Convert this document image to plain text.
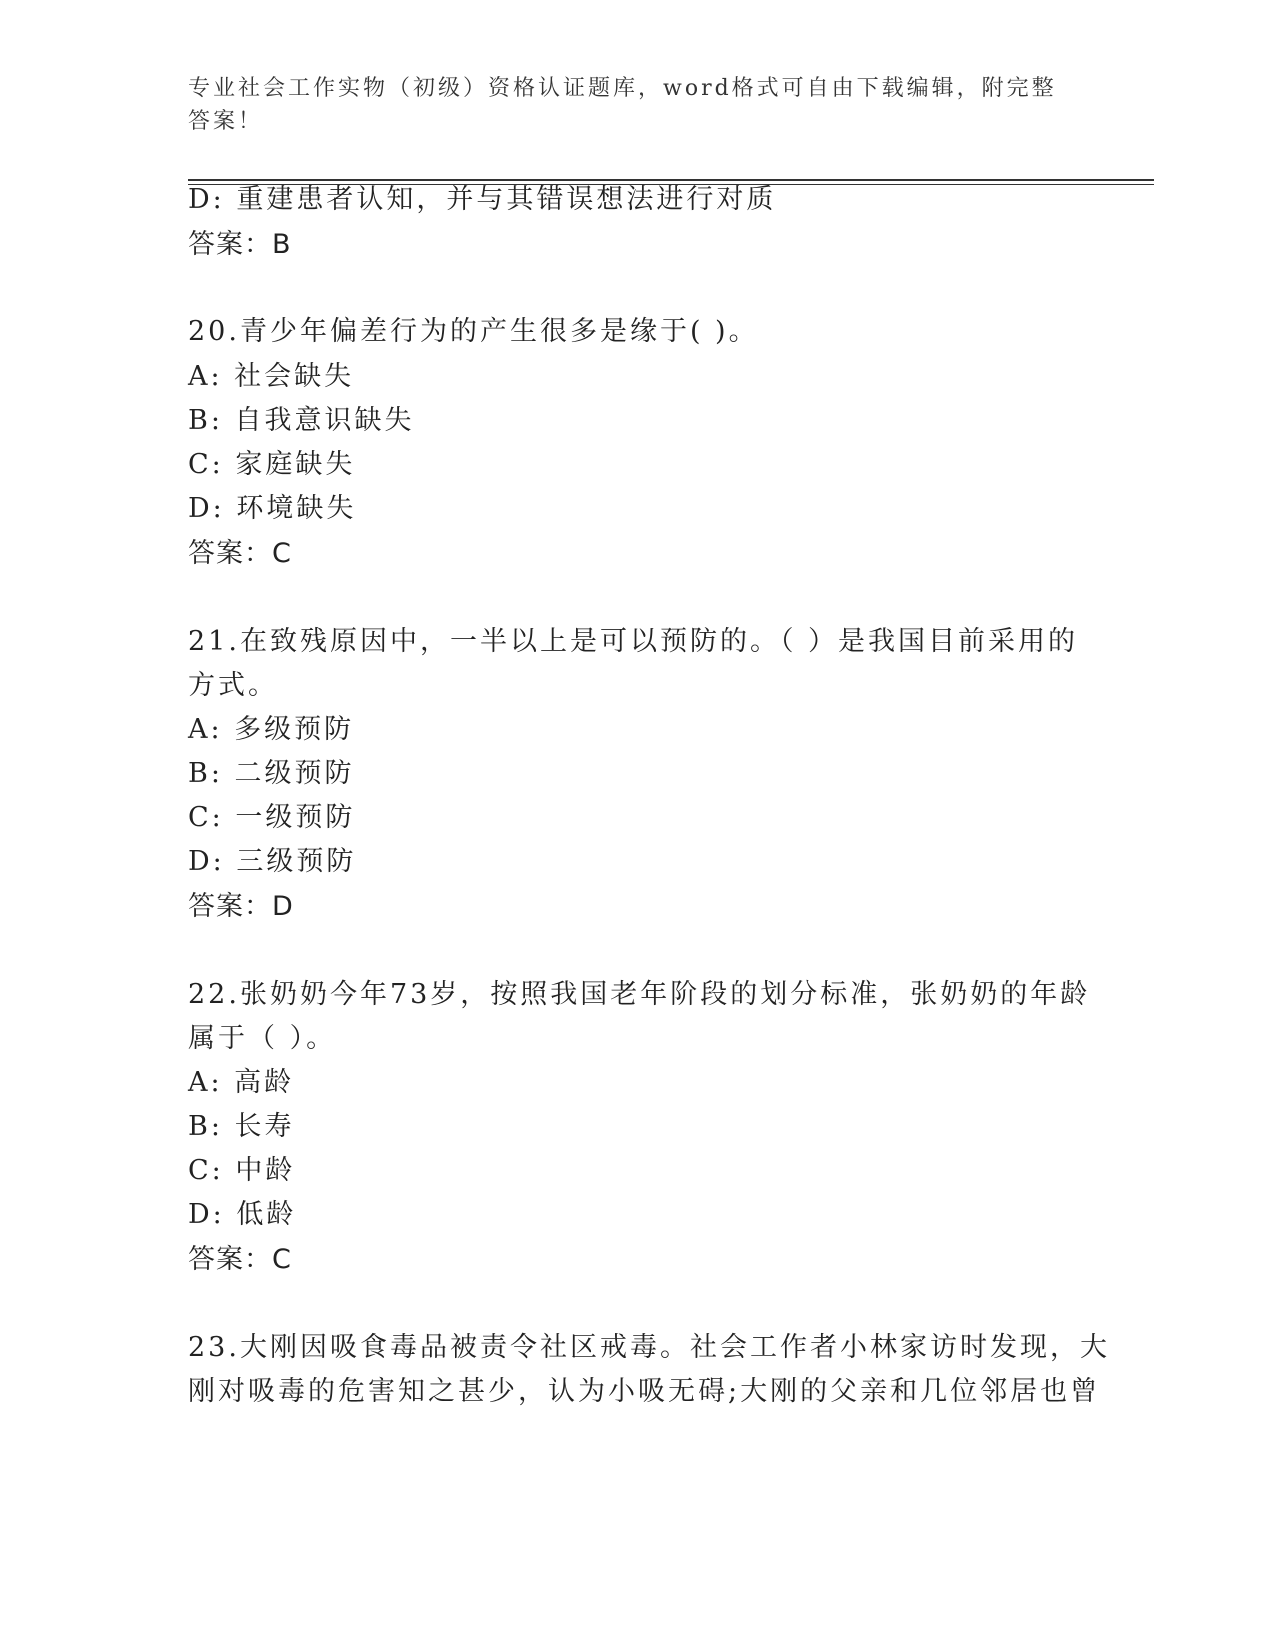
专业社会工作实物（初级）资格认证题库，word格式可自由下载编辑，附完整答案！
D: 重建患者认知，并与其错误想法进行对质
答案：B
20.青少年偏差行为的产生很多是缘于( )。
A: 社会缺失
B: 自我意识缺失
C: 家庭缺失
D: 环境缺失
答案：C
21.在致残原因中，一半以上是可以预防的。（ ）是我国目前采用的
方式。
A: 多级预防
B: 二级预防
C: 一级预防
D: 三级预防
答案：D
22.张奶奶今年73岁，按照我国老年阶段的划分标准，张奶奶的年龄
属于（ ）。
A: 高龄
B: 长寿
C: 中龄
D: 低龄
答案：C
23.大刚因吸食毒品被责令社区戒毒。社会工作者小林家访时发现，大
刚对吸毒的危害知之甚少，认为小吸无碍;大刚的父亲和几位邻居也曾
